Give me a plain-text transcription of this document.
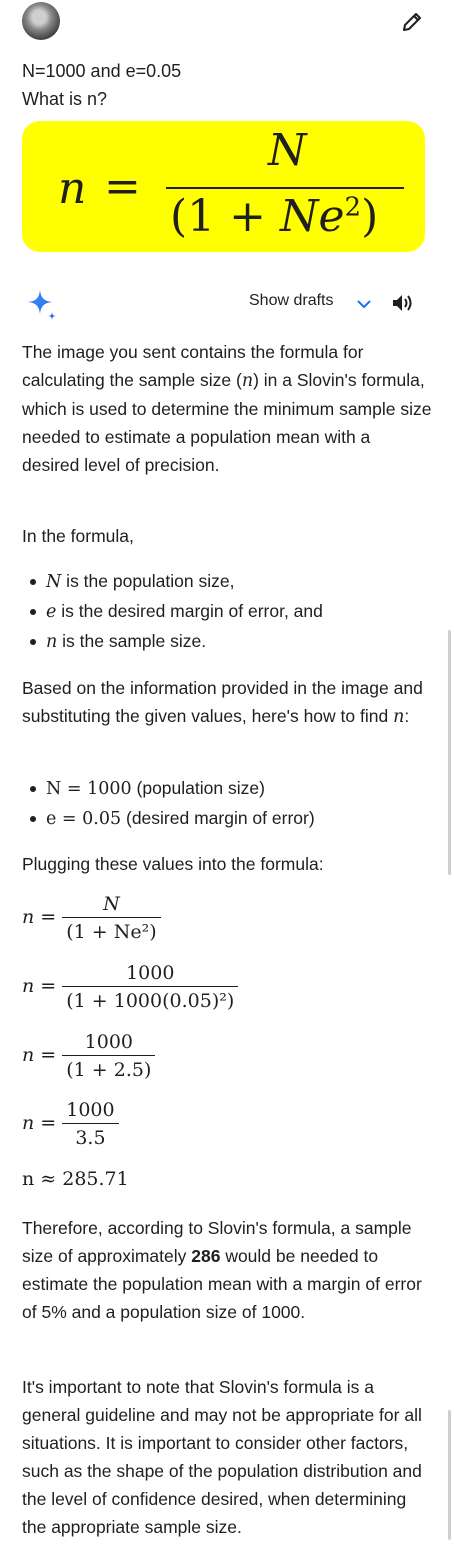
N=1000 and e=0.05
What is n?
n =
N
$(1 + Ne^2)$
Show drafts

The image you sent contains the formula for calculating the sample size (n) in a Slovin's formula, which is used to determine the minimum sample size needed to estimate a population mean with a desired level of precision.

In the formula,

N is the population size,
e is the desired margin of error, and
n is the sample size.

Based on the information provided in the image and substituting the given values, here's how to find n:

N = 1000 (population size)
e = 0.05 (desired margin of error)

Plugging these values into the formula:

$n = \frac{N}{\text{(1 + Ne²)}}$
$n = \frac{1000}{\text{(1 + 1000(0.05)²)}}$
$n = \frac{1000}{(1 + 2.5)}$
$n = \frac{1000}{3.5}$
n ≈ 285.71

Therefore, according to Slovin's formula, a sample size of approximately 286 would be needed to estimate the population mean with a margin of error of 5% and a population size of 1000.

It's important to note that Slovin's formula is a general guideline and may not be appropriate for all situations. It is important to consider other factors, such as the shape of the population distribution and the level of confidence desired, when determining the appropriate sample size.
